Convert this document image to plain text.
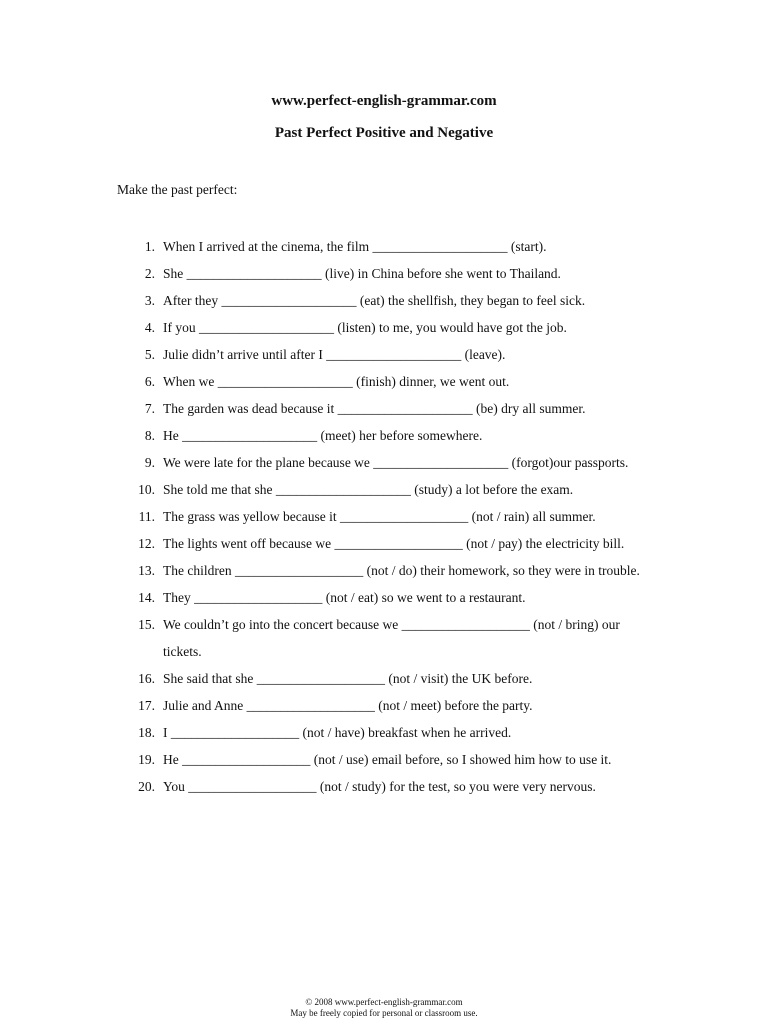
www.perfect-english-grammar.com
Past Perfect Positive and Negative
Make the past perfect:
1. When I arrived at the cinema, the film ____________________ (start).
2. She ____________________ (live) in China before she went to Thailand.
3. After they ____________________ (eat) the shellfish, they began to feel sick.
4. If you ____________________ (listen) to me, you would have got the job.
5. Julie didn’t arrive until after I ____________________ (leave).
6. When we ____________________ (finish) dinner, we went out.
7. The garden was dead because it ____________________ (be) dry all summer.
8. He ____________________ (meet) her before somewhere.
9. We were late for the plane because we ____________________ (forgot)our passports.
10. She told me that she ____________________ (study) a lot before the exam.
11. The grass was yellow because it ___________________ (not / rain) all summer.
12. The lights went off because we ___________________ (not / pay) the electricity bill.
13. The children ___________________ (not / do) their homework, so they were in trouble.
14. They ___________________ (not / eat) so we went to a restaurant.
15. We couldn’t go into the concert because we ___________________ (not / bring) our tickets.
16. She said that she ___________________ (not / visit) the UK before.
17. Julie and Anne ___________________ (not / meet) before the party.
18. I ___________________ (not / have) breakfast when he arrived.
19. He ___________________ (not / use) email before, so I showed him how to use it.
20. You ___________________ (not / study) for the test, so you were very nervous.
© 2008 www.perfect-english-grammar.com
May be freely copied for personal or classroom use.
